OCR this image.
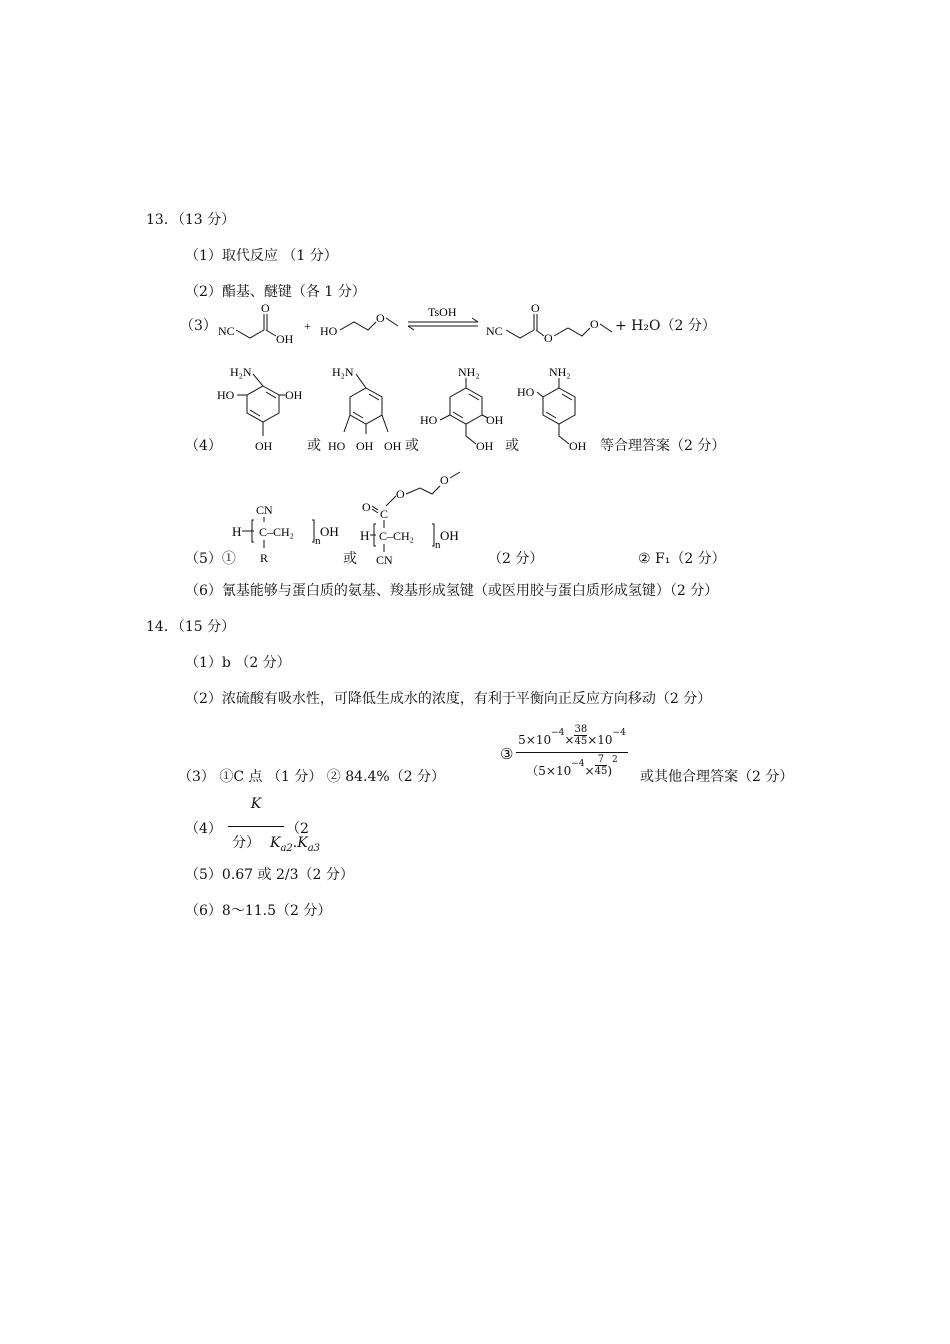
13．（13 分）
（1）取代反应 （1 分）
（2）酯基、醚键（各 1 分）
（3） NC
O
OH
+ HO
O	TsOH
NC
O
O
O + H₂O（2 分）
（4）
H₂N
HO	OH
OH 或
H₂N
HO OH OH 或
NH₂
HO	OH
OH 或
NH₂
HO
OH 等合理答案（2 分）
（5）①
CN
H C–CH₂
n
OH
R	或
O C
O
O
H C–CH₂
n
OH
CN	（2 分）	② F₁（2 分）
（6）氰基能够与蛋白质的氨基、羧基形成氢键（或医用胶与蛋白质形成氢键）（2 分）
14．（15 分）
（1）b （2 分）
（2）浓硫酸有吸水性，可降低生成水的浓度，有利于平衡向正反应方向移动（2 分）
（3） ①C 点 （1 分） ② 84.4%（2 分）
③
$5\times 10^{-4}\times \frac{38}{45} \times 10^{-4}$
$(5\times 10^{-4}\times \frac{7}{45} )^2$
或其他合理答案（2 分）
（4）
K
分） $K_{a2}.K_{a3}$
（2
（5）0.67 或 2/3（2 分）
（6）8～11.5（2 分）
